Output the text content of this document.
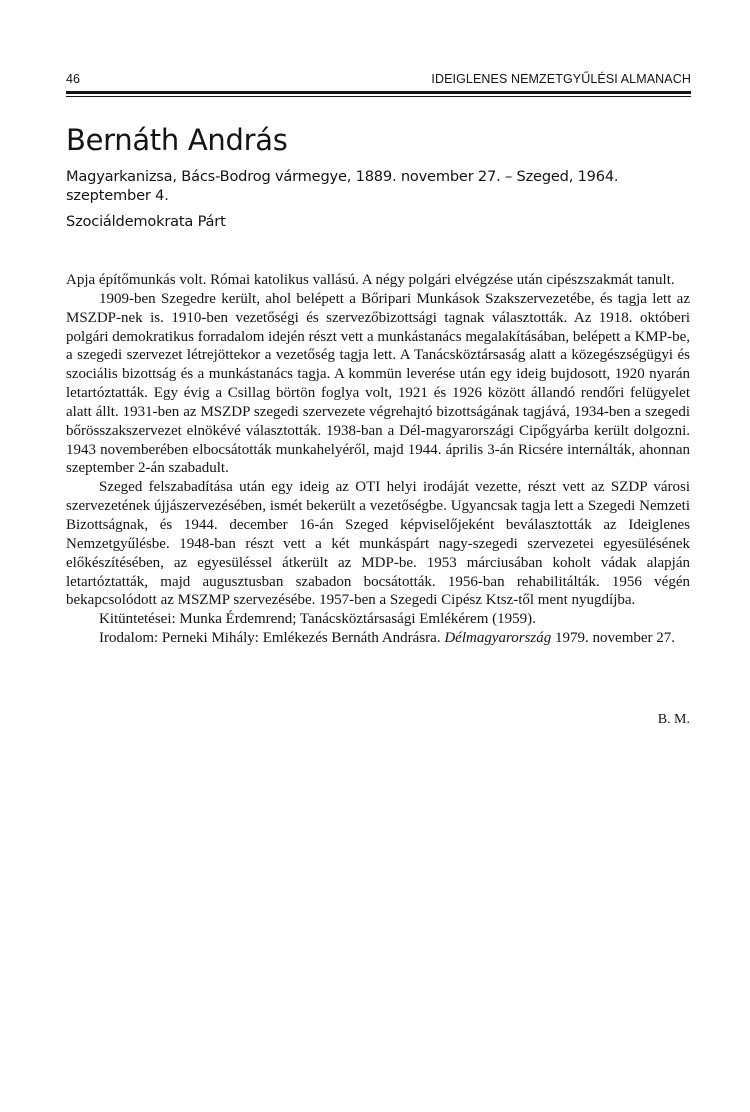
46	IDEIGLENES NEMZETGYŰLÉSI ALMANACH
Bernáth András
Magyarkanizsa, Bács-Bodrog vármegye, 1889. november 27. – Szeged, 1964. szeptember 4.
Szociáldemokrata Párt

Apja építőmunkás volt. Római katolikus vallású. A négy polgári elvégzése után cipészszakmát tanult.

1909-ben Szegedre került, ahol belépett a Bőripari Munkások Szakszervezetébe, és tagja lett az MSZDP-nek is. 1910-ben vezetőségi és szervezőbizottsági tagnak választották. Az 1918. októberi polgári demokratikus forradalom idején részt vett a munkástanács megalakításában, belépett a KMP-be, a szegedi szervezet létrejöttekor a vezetőség tagja lett. A Tanácsköztársaság alatt a közegészségügyi és szociális bizottság és a munkástanács tagja. A kommün leverése után egy ideig bujdosott, 1920 nyarán letartóztatták. Egy évig a Csillag börtön foglya volt, 1921 és 1926 között állandó rendőri felügyelet alatt állt. 1931-ben az MSZDP szegedi szervezete végrehajtó bizottságának tagjává, 1934-ben a szegedi bőrösszakszervezet elnökévé választották. 1938-ban a Dél-magyarországi Cipőgyárba került dolgozni. 1943 novemberében elbocsátották munkahelyéről, majd 1944. április 3-án Ricsére internálták, ahonnan szeptember 2-án szabadult.

Szeged felszabadítása után egy ideig az OTI helyi irodáját vezette, részt vett az SZDP városi szervezetének újjászervezésében, ismét bekerült a vezetőségbe. Ugyancsak tagja lett a Szegedi Nemzeti Bizottságnak, és 1944. december 16-án Szeged képviselőjeként beválasztották az Ideiglenes Nemzetgyűlésbe. 1948-ban részt vett a két munkáspárt nagy-szegedi szervezetei egyesülésének előkészítésében, az egyesüléssel átkerült az MDP-be. 1953 márciusában koholt vádak alapján letartóztatták, majd augusztusban szabadon bocsátották. 1956-ban rehabilitálták. 1956 végén bekapcsolódott az MSZMP szervezésébe. 1957-ben a Szegedi Cipész Ktsz-től ment nyugdíjba.

Kitüntetései: Munka Érdemrend; Tanácsköztársasági Emlékérem (1959).

Irodalom: Perneki Mihály: Emlékezés Bernáth Andrásra. Délmagyarország 1979. november 27.

B. M.
